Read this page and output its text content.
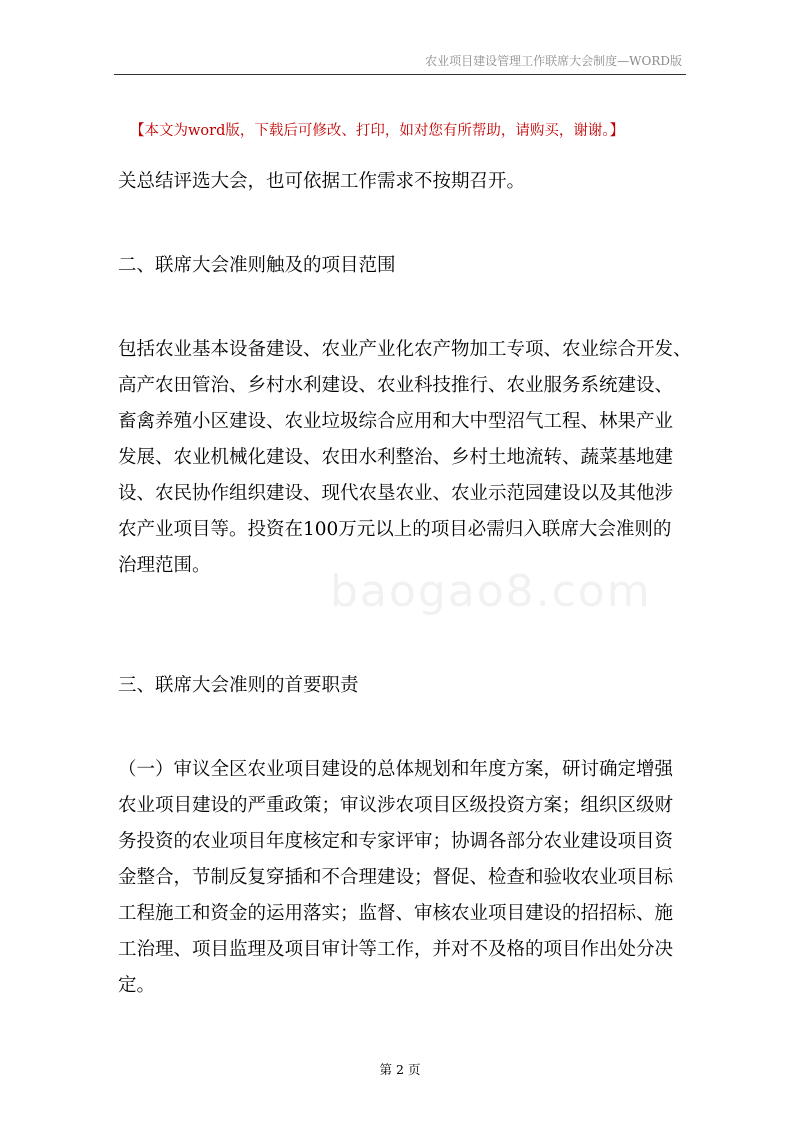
农业项目建设管理工作联席大会制度—WORD版
【本文为word版，下载后可修改、打印，如对您有所帮助，请购买，谢谢。】
baogao8.com
关总结评选大会，也可依据工作需求不按期召开。
二、联席大会准则触及的项目范围
包括农业基本设备建设、农业产业化农产物加工专项、农业综合开发、
高产农田管治、乡村水利建设、农业科技推行、农业服务系统建设、
畜禽养殖小区建设、农业垃圾综合应用和大中型沼气工程、林果产业
发展、农业机械化建设、农田水利整治、乡村土地流转、蔬菜基地建
设、农民协作组织建设、现代农垦农业、农业示范园建设以及其他涉
农产业项目等。投资在100万元以上的项目必需归入联席大会准则的
治理范围。
三、联席大会准则的首要职责
（一）审议全区农业项目建设的总体规划和年度方案，研讨确定增强
农业项目建设的严重政策；审议涉农项目区级投资方案；组织区级财
务投资的农业项目年度核定和专家评审；协调各部分农业建设项目资
金整合，节制反复穿插和不合理建设；督促、检查和验收农业项目标
工程施工和资金的运用落实；监督、审核农业项目建设的招招标、施
工治理、项目监理及项目审计等工作，并对不及格的项目作出处分决
定。
第 2 页
